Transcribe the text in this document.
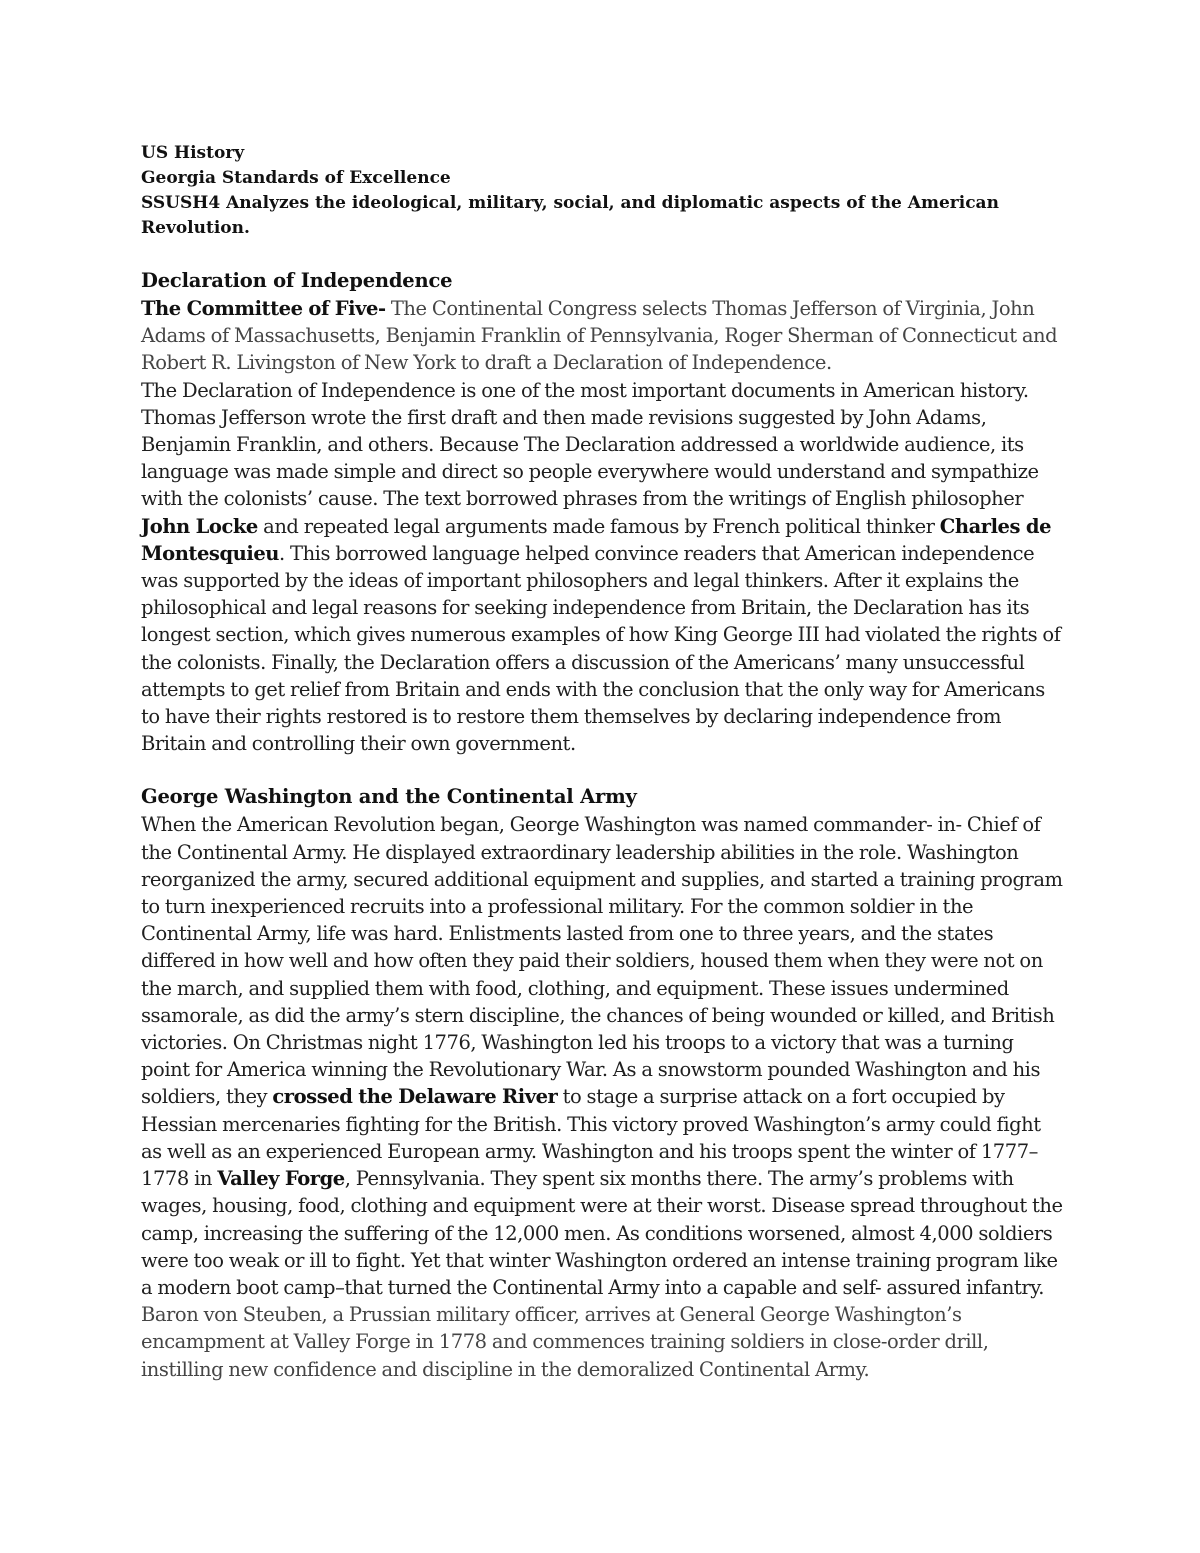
US History
Georgia Standards of Excellence
SSUSH4 Analyzes the ideological, military, social, and diplomatic aspects of the American
Revolution.
Declaration of Independence
The Committee of Five- The Continental Congress selects Thomas Jefferson of Virginia, John Adams of Massachusetts, Benjamin Franklin of Pennsylvania, Roger Sherman of Connecticut and Robert R. Livingston of New York to draft a Declaration of Independence.
The Declaration of Independence is one of the most important documents in American history. Thomas Jefferson wrote the first draft and then made revisions suggested by John Adams, Benjamin Franklin, and others. Because The Declaration addressed a worldwide audience, its language was made simple and direct so people everywhere would understand and sympathize with the colonists’ cause. The text borrowed phrases from the writings of English philosopher John Locke and repeated legal arguments made famous by French political thinker Charles de Montesquieu. This borrowed language helped convince readers that American independence was supported by the ideas of important philosophers and legal thinkers. After it explains the philosophical and legal reasons for seeking independence from Britain, the Declaration has its longest section, which gives numerous examples of how King George III had violated the rights of the colonists. Finally, the Declaration offers a discussion of the Americans’ many unsuccessful attempts to get relief from Britain and ends with the conclusion that the only way for Americans to have their rights restored is to restore them themselves by declaring independence from Britain and controlling their own government.
George Washington and the Continental Army
When the American Revolution began, George Washington was named commander- in- Chief of the Continental Army. He displayed extraordinary leadership abilities in the role. Washington reorganized the army, secured additional equipment and supplies, and started a training program to turn inexperienced recruits into a professional military. For the common soldier in the Continental Army, life was hard. Enlistments lasted from one to three years, and the states differed in how well and how often they paid their soldiers, housed them when they were not on the march, and supplied them with food, clothing, and equipment. These issues undermined ssamorale, as did the army’s stern discipline, the chances of being wounded or killed, and British victories. On Christmas night 1776, Washington led his troops to a victory that was a turning point for America winning the Revolutionary War. As a snowstorm pounded Washington and his soldiers, they crossed the Delaware River to stage a surprise attack on a fort occupied by Hessian mercenaries fighting for the British. This victory proved Washington’s army could fight as well as an experienced European army. Washington and his troops spent the winter of 1777–1778 in Valley Forge, Pennsylvania. They spent six months there. The army’s problems with wages, housing, food, clothing and equipment were at their worst. Disease spread throughout the camp, increasing the suffering of the 12,000 men. As conditions worsened, almost 4,000 soldiers were too weak or ill to fight. Yet that winter Washington ordered an intense training program like a modern boot camp–that turned the Continental Army into a capable and self- assured infantry. Baron von Steuben, a Prussian military officer, arrives at General George Washington’s encampment at Valley Forge in 1778 and commences training soldiers in close-order drill, instilling new confidence and discipline in the demoralized Continental Army.
